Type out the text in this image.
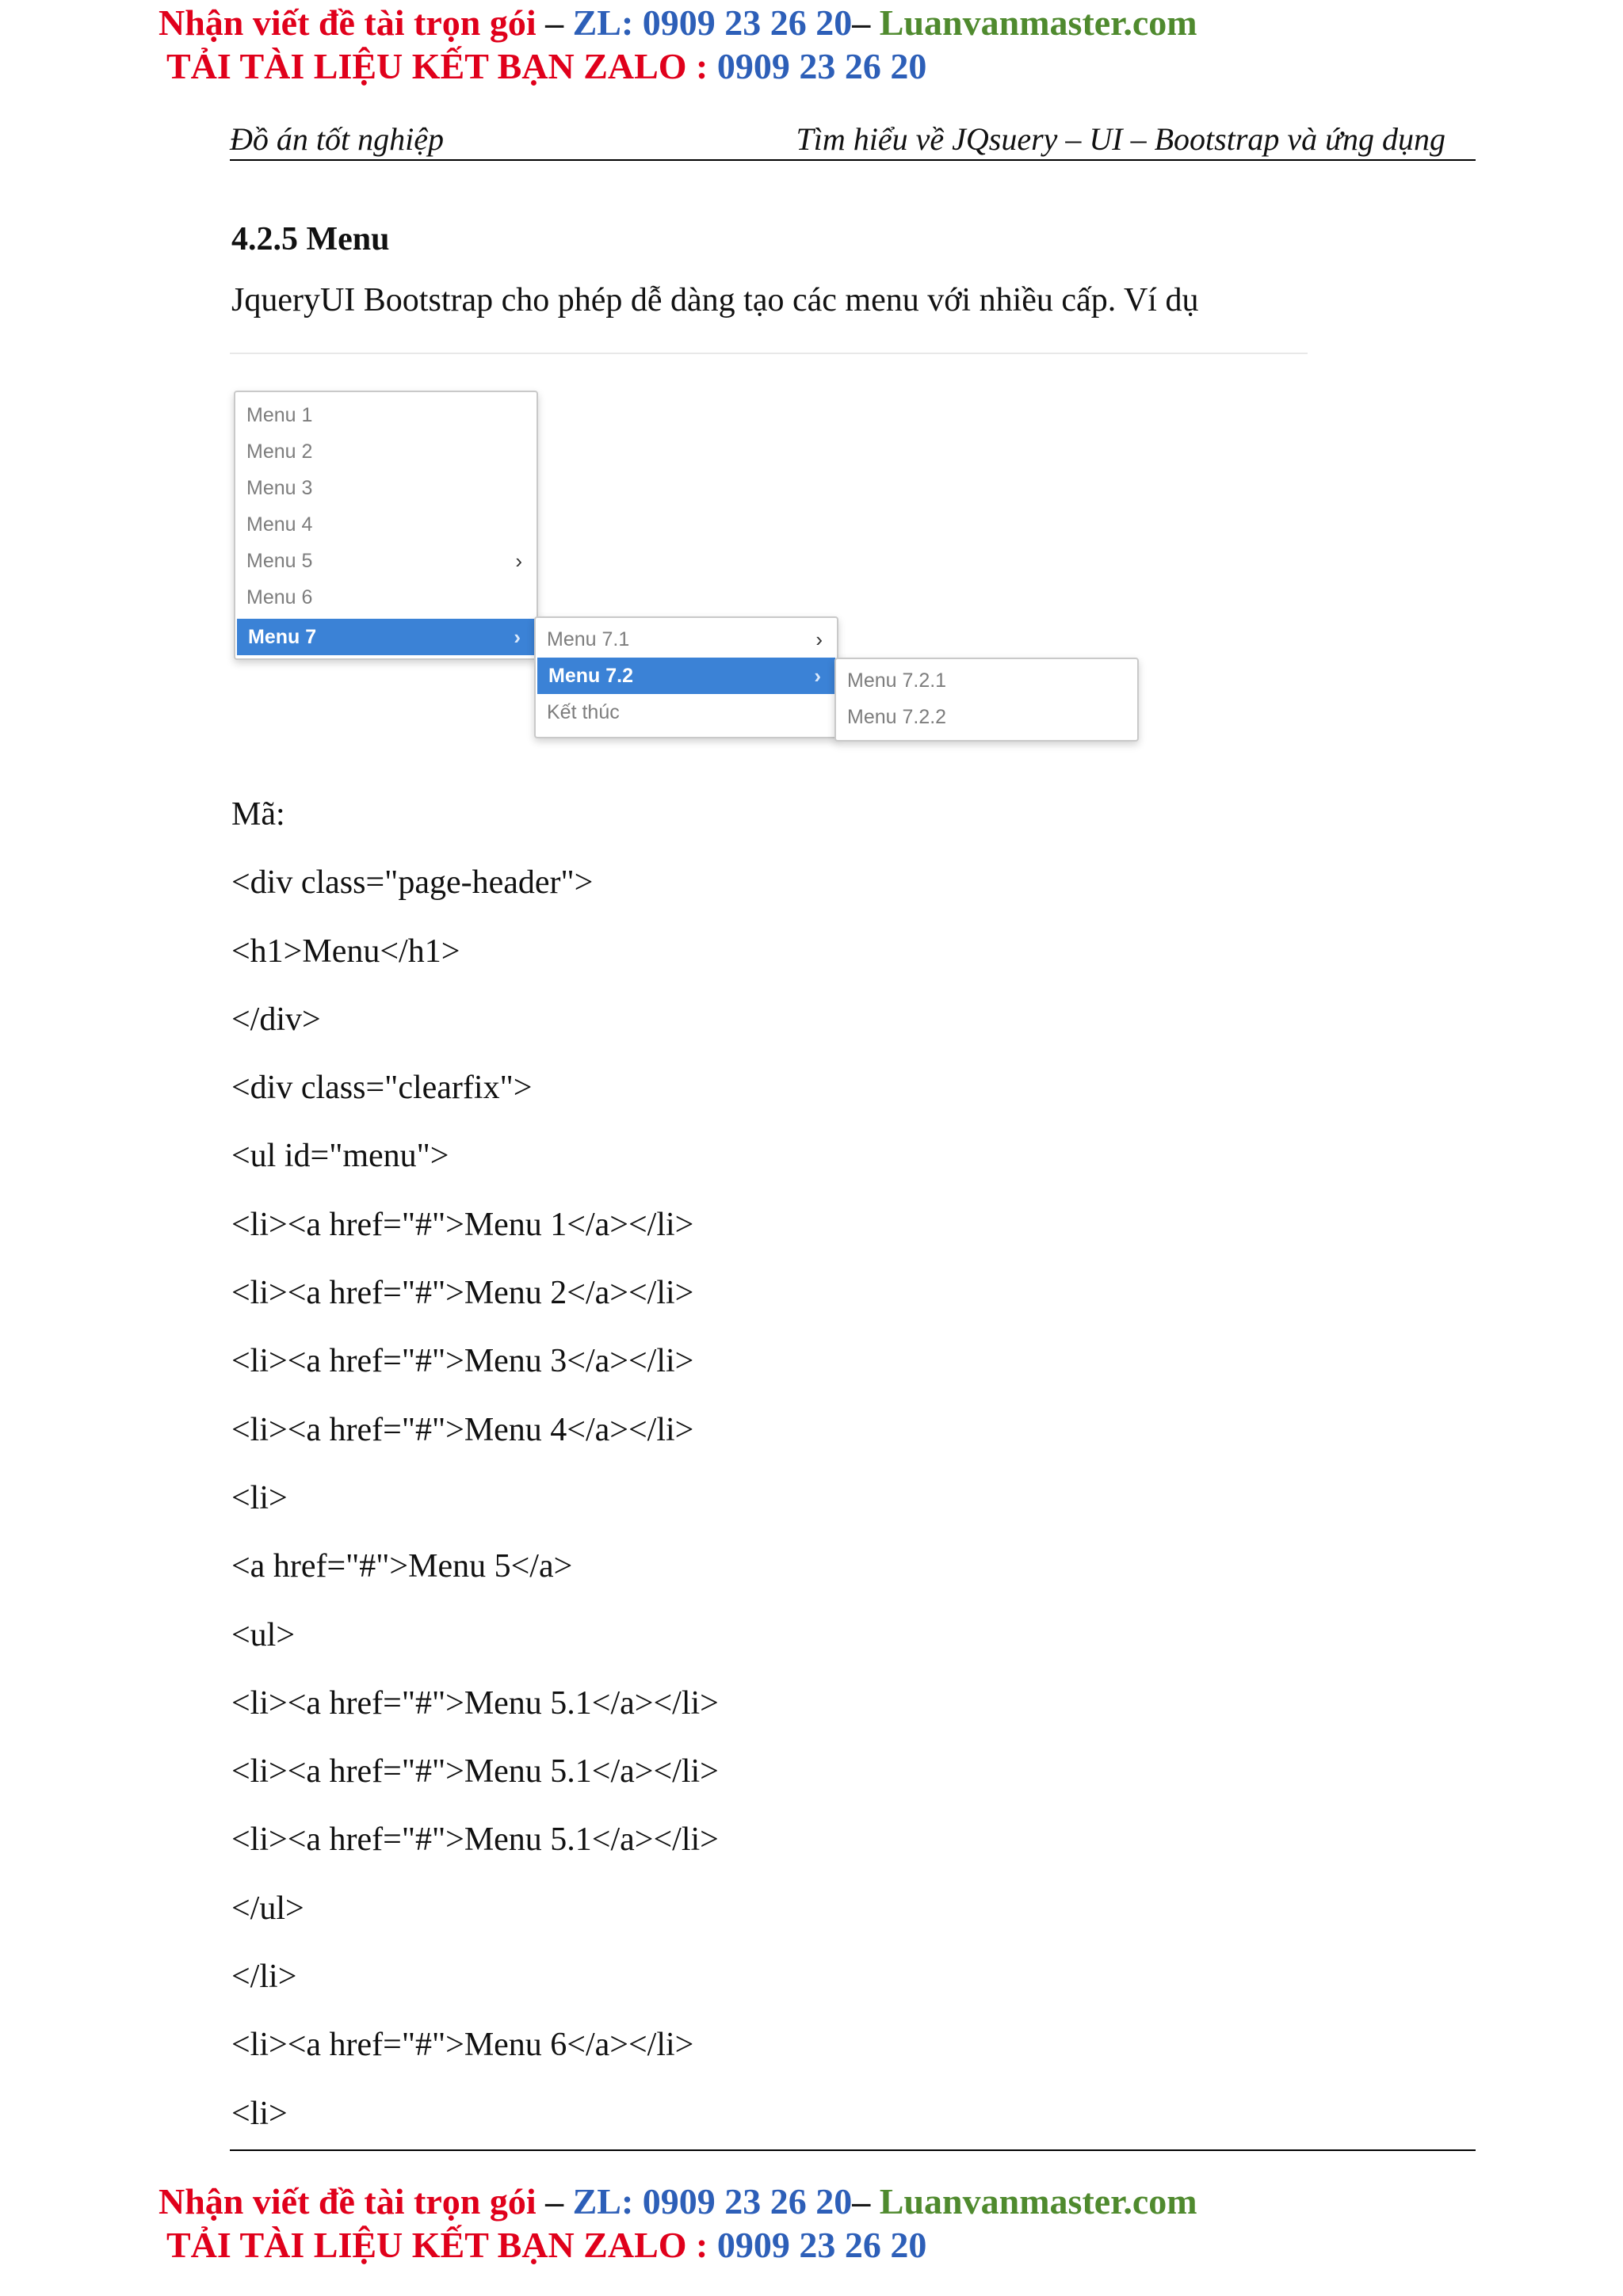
Nhận viết đề tài trọn gói – ZL: 0909 23 26 20– Luanvanmaster.com
TẢI TÀI LIỆU KẾT BẠN ZALO : 0909 23 26 20
Đồ án tốt nghiệp	Tìm hiểu về JQsuery – UI – Bootstrap và ứng dụng
4.2.5 Menu
JqueryUI Bootstrap cho phép dễ dàng tạo các menu với nhiều cấp. Ví dụ
Menu 1
Menu 2
Menu 3
Menu 4
Menu 5	›
Menu 6
Menu 7	›	Menu 7.1	›
Menu 7.2	›
Kết thúc
Menu 7.2.1
Menu 7.2.2
Mã:
<div class="page-header">
<h1>Menu</h1>
</div>
<div class="clearfix">
<ul id="menu">
<li><a href="#">Menu 1</a></li>
<li><a href="#">Menu 2</a></li>
<li><a href="#">Menu 3</a></li>
<li><a href="#">Menu 4</a></li>
<li>
<a href="#">Menu 5</a>
<ul>
<li><a href="#">Menu 5.1</a></li>
<li><a href="#">Menu 5.1</a></li>
<li><a href="#">Menu 5.1</a></li>
</ul>
</li>
<li><a href="#">Menu 6</a></li>
<li>
Nhận viết đề tài trọn gói – ZL: 0909 23 26 20– Luanvanmaster.com
TẢI TÀI LIỆU KẾT BẠN ZALO : 0909 23 26 20
